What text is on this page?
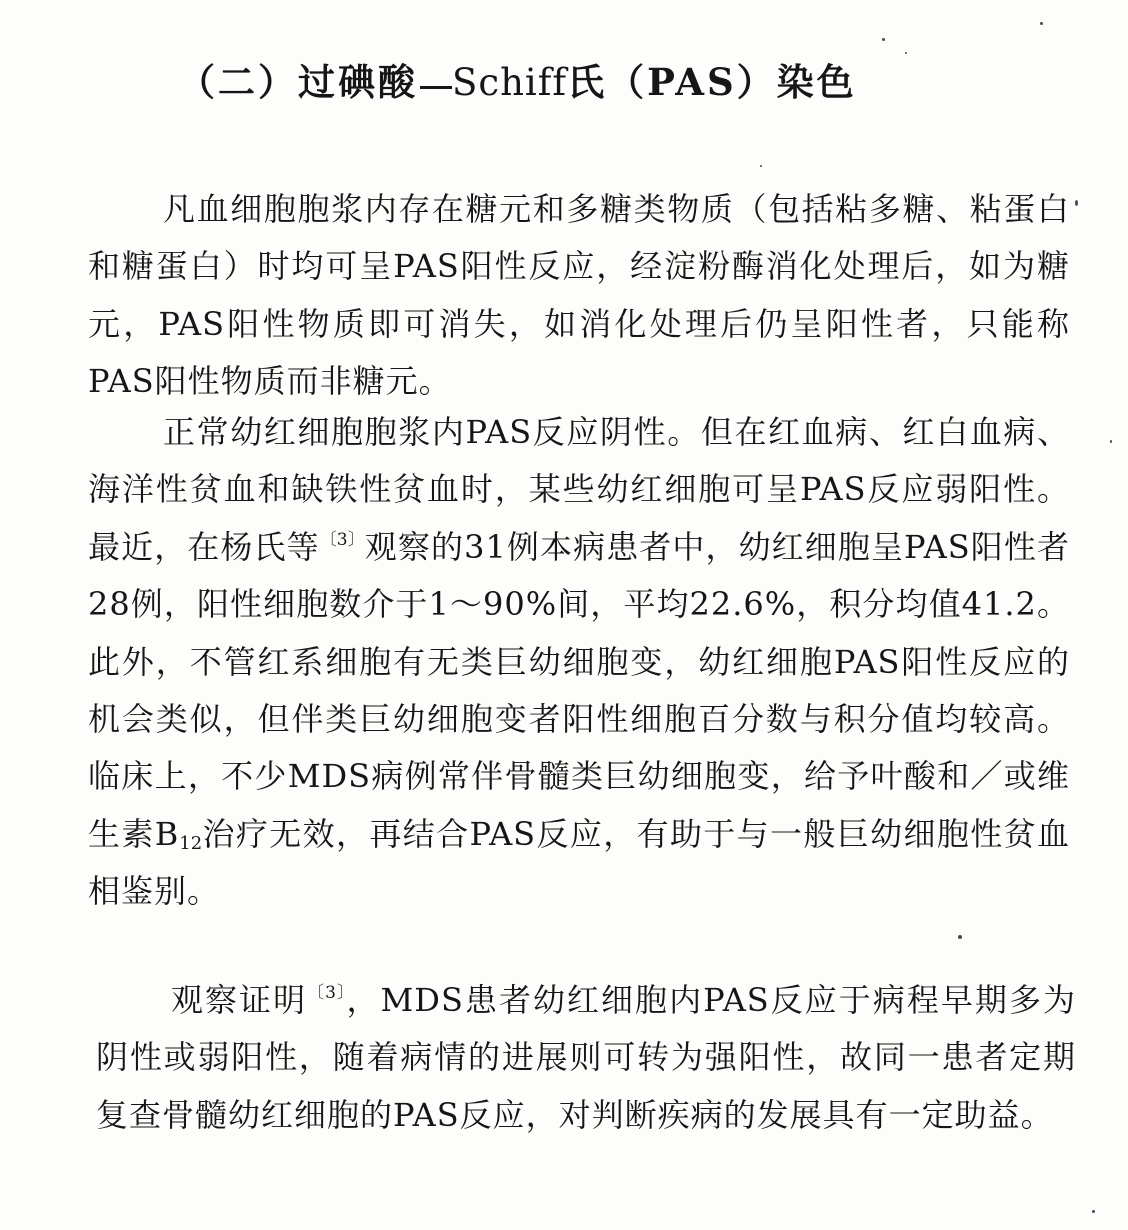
（二）过碘酸 Schiff氏（PAS）染色

凡血细胞胞浆内存在糖元和多糖类物质（包括粘多糖、粘蛋白和糖蛋白）时均可呈PAS阳性反应，经淀粉酶消化处理后，如为糖元，PAS阳性物质即可消失，如消化处理后仍呈阳性者，只能称PAS阳性物质而非糖元。

正常幼红细胞胞浆内PAS反应阴性。但在红血病、红白血病、海洋性贫血和缺铁性贫血时，某些幼红细胞可呈PAS反应弱阳性。最近，在杨氏等$^{〔3〕}$观察的31例本病患者中，幼红细胞呈PAS阳性者28例，阳性细胞数介于1～90%间，平均22.6%，积分均值41.2。此外，不管红系细胞有无类巨幼细胞变，幼红细胞PAS阳性反应的机会类似，但伴类巨幼细胞变者阳性细胞百分数与积分值均较高。临床上，不少MDS病例常伴骨髓类巨幼细胞变，给予叶酸和／或维生素$B_{12}$治疗无效，再结合PAS反应，有助于与一般巨幼细胞性贫血相鉴别。

观察证明$^{〔3〕}$，MDS患者幼红细胞内PAS反应于病程早期多为阴性或弱阳性，随着病情的进展则可转为强阳性，故同一患者定期复查骨髓幼红细胞的PAS反应，对判断疾病的发展具有一定助益。
